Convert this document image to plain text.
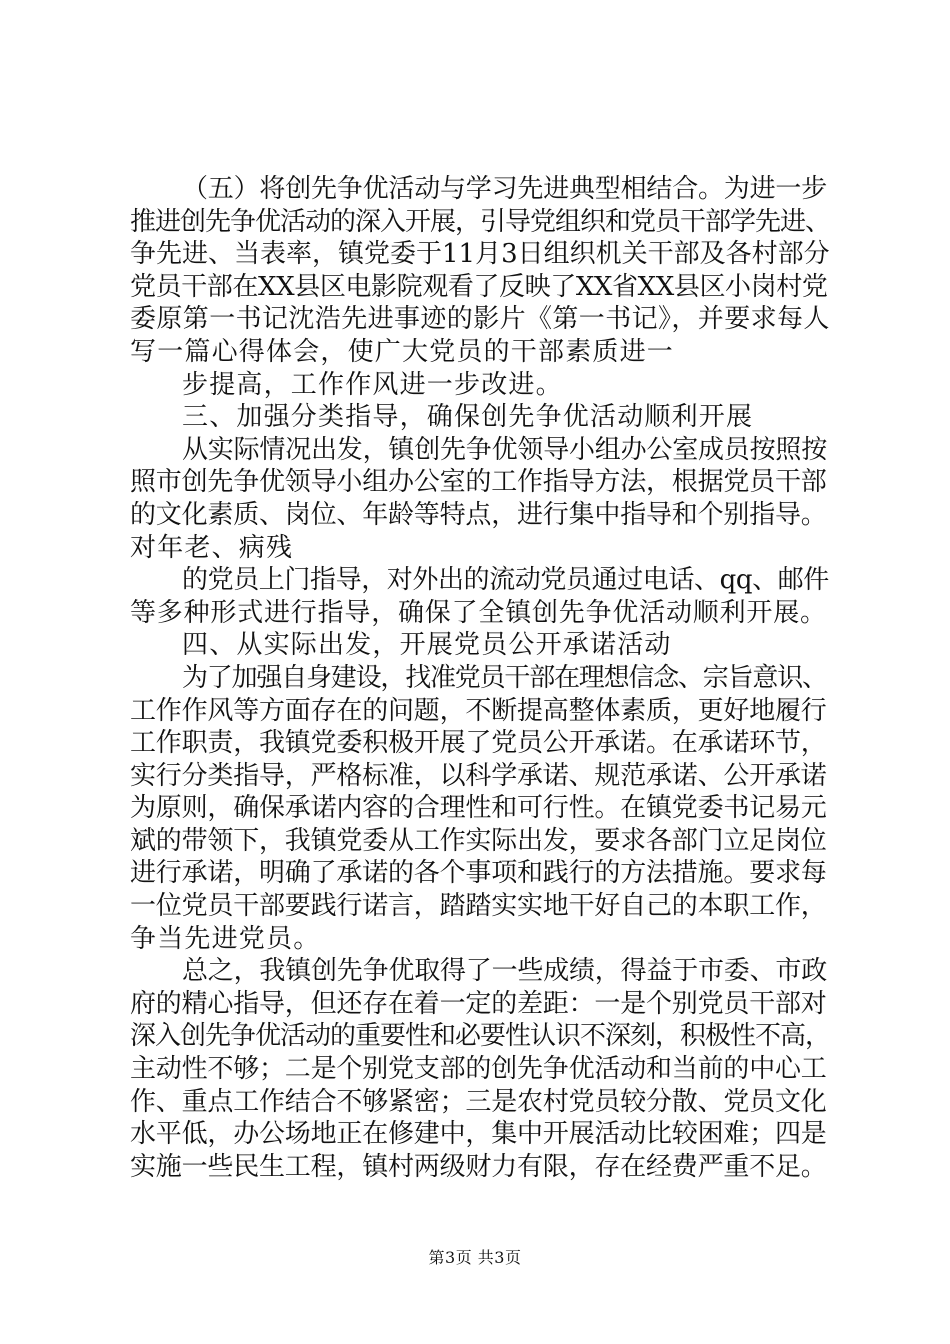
（五）将创先争优活动与学习先进典型相结合。为进一步
推进创先争优活动的深入开展，引导党组织和党员干部学先进、
争先进、当表率，镇党委于11月3日组织机关干部及各村部分
党员干部在XX县区电影院观看了反映了XX省XX县区小岗村党
委原第一书记沈浩先进事迹的影片《第一书记》，并要求每人
写一篇心得体会，使广大党员的干部素质进一
步提高，工作作风进一步改进。
三、加强分类指导，确保创先争优活动顺利开展
从实际情况出发，镇创先争优领导小组办公室成员按照按
照市创先争优领导小组办公室的工作指导方法，根据党员干部
的文化素质、岗位、年龄等特点，进行集中指导和个别指导。
对年老、病残
的党员上门指导，对外出的流动党员通过电话、qq、邮件
等多种形式进行指导，确保了全镇创先争优活动顺利开展。
四、从实际出发，开展党员公开承诺活动
为了加强自身建设，找准党员干部在理想信念、宗旨意识、
工作作风等方面存在的问题，不断提高整体素质，更好地履行
工作职责，我镇党委积极开展了党员公开承诺。在承诺环节，
实行分类指导，严格标准，以科学承诺、规范承诺、公开承诺
为原则，确保承诺内容的合理性和可行性。在镇党委书记易元
斌的带领下，我镇党委从工作实际出发，要求各部门立足岗位
进行承诺，明确了承诺的各个事项和践行的方法措施。要求每
一位党员干部要践行诺言，踏踏实实地干好自己的本职工作，
争当先进党员。
总之，我镇创先争优取得了一些成绩，得益于市委、市政
府的精心指导，但还存在着一定的差距：一是个别党员干部对
深入创先争优活动的重要性和必要性认识不深刻，积极性不高，
主动性不够；二是个别党支部的创先争优活动和当前的中心工
作、重点工作结合不够紧密；三是农村党员较分散、党员文化
水平低，办公场地正在修建中，集中开展活动比较困难；四是
实施一些民生工程，镇村两级财力有限，存在经费严重不足。
第3页 共3页
